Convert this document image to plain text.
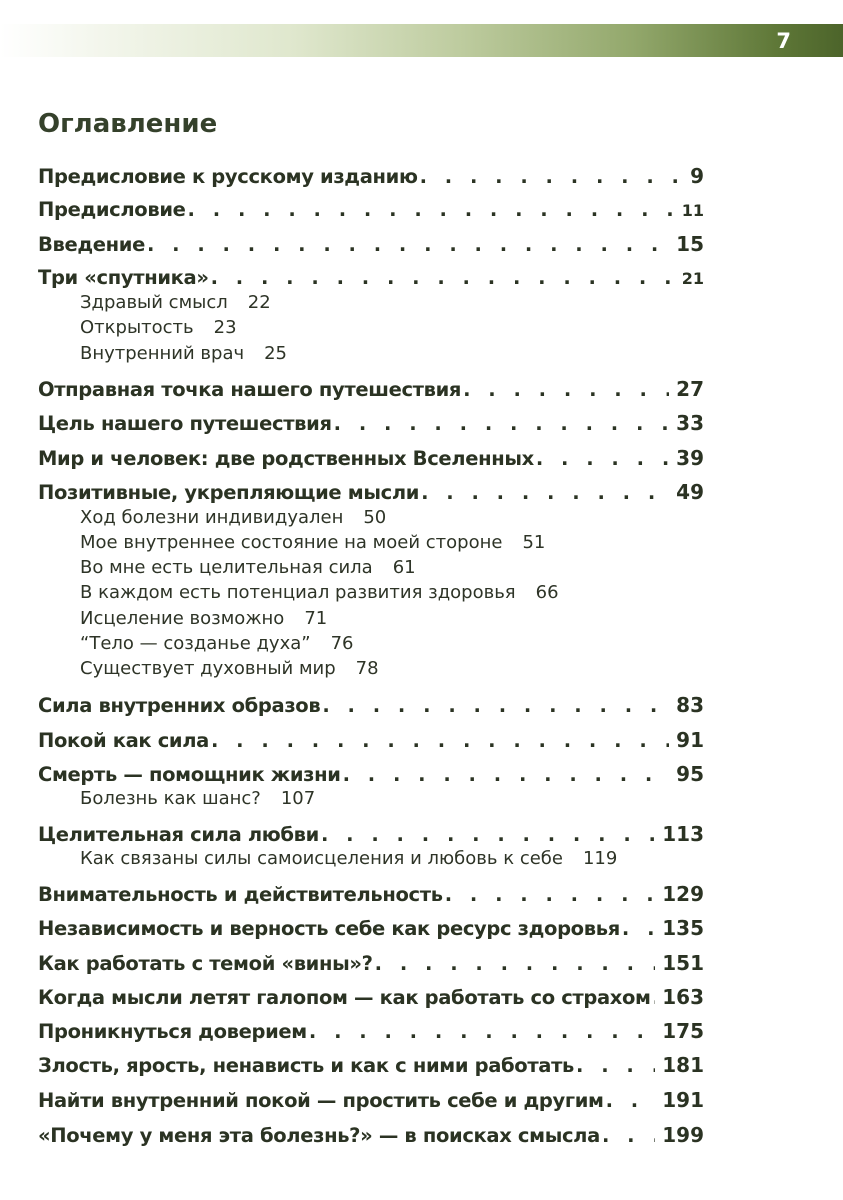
7
Оглавление
Предисловие к русскому изданию . . .	9
Предисловие . . .	11
Введение . . .	15
Три «спутника» . . .	21
Здравый смысл 22
Открытость 23
Внутренний врач 25
Отправная точка нашего путешествия . . .	27
Цель нашего путешествия . . .	33
Мир и человек: две родственных Вселенных . . .	39
Позитивные, укрепляющие мысли . . .	49
Ход болезни индивидуален 50
Мое внутреннее состояние на моей стороне 51
Во мне есть целительная сила 61
В каждом есть потенциал развития здоровья 66
Исцеление возможно 71
“Тело — созданье духа” 76
Существует духовный мир 78
Сила внутренних образов . . .	83
Покой как сила . . .	91
Смерть — помощник жизни . . .	95
Болезнь как шанс? 107
Целительная сила любви . . .	113
Как связаны силы самоисцеления и любовь к себе 119
Внимательность и действительность . . .	129
Независимость и верность себе как ресурс здоровья . . . 135
Как работать с темой «вины»? . . .	151
Когда мысли летят галопом — как работать со страхом . . . 163
Проникнуться доверием . . .	175
Злость, ярость, ненависть и как с ними работать . . .	181
Найти внутренний покой — простить себе и другим . . .	191
«Почему у меня эта болезнь?» — в поисках смысла . . .	199
